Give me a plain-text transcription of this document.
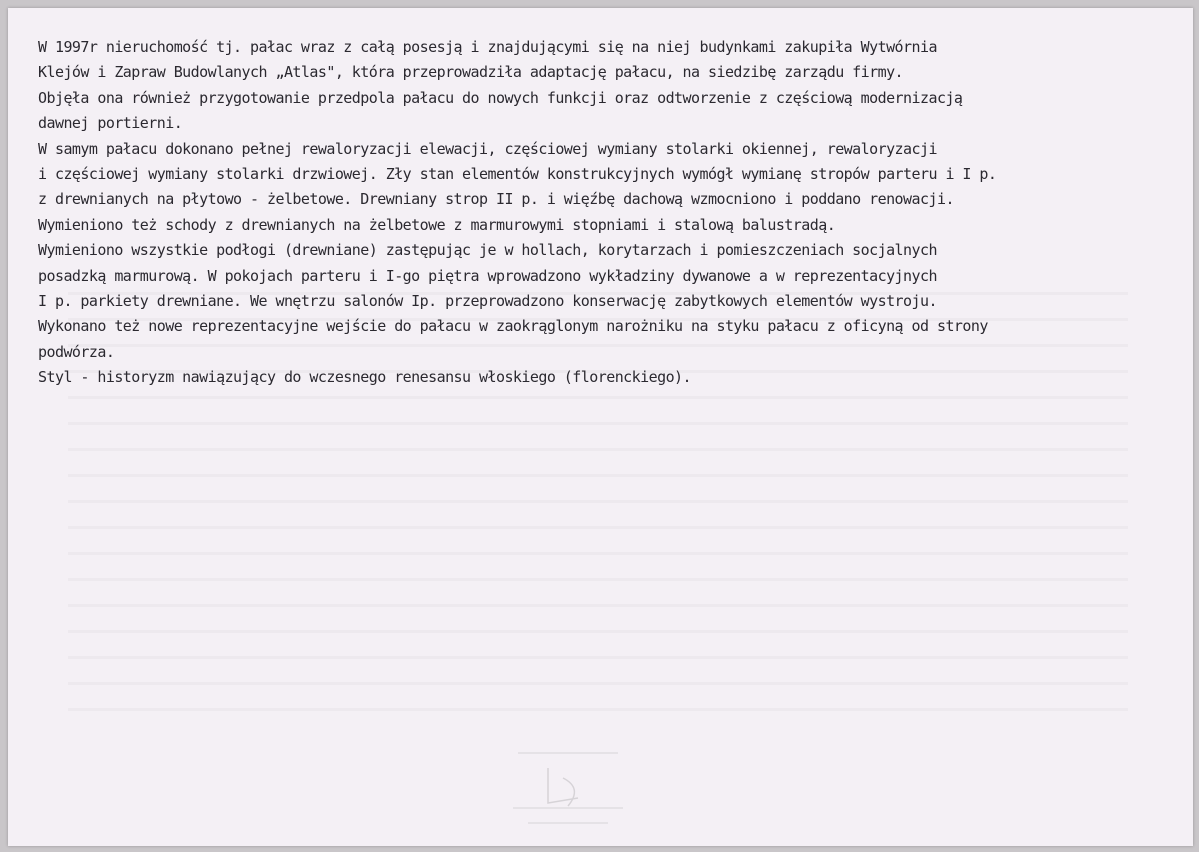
W 1997r nieruchomość tj. pałac wraz z całą posesją i znajdującymi się na niej budynkami zakupiła Wytwórnia
Klejów i Zapraw Budowlanych „Atlas", która przeprowadziła adaptację pałacu, na siedzibę zarządu firmy.
Objęła ona również przygotowanie przedpola pałacu do nowych funkcji oraz odtworzenie z częściową modernizacją
dawnej portierni.
W samym pałacu dokonano pełnej rewaloryzacji elewacji, częściowej wymiany stolarki okiennej, rewaloryzacji
i częściowej wymiany stolarki drzwiowej. Zły stan elementów konstrukcyjnych wymógł wymianę stropów parteru i I p.
z drewnianych na płytowo - żelbetowe. Drewniany strop II p. i więźbę dachową wzmocniono i poddano renowacji.
Wymieniono też schody z drewnianych na żelbetowe z marmurowymi stopniami i stalową balustradą.
Wymieniono wszystkie podłogi (drewniane) zastępując je w hollach, korytarzach i pomieszczeniach socjalnych
posadzką marmurową. W pokojach parteru i I-go piętra wprowadzono wykładziny dywanowe a w reprezentacyjnych
I p. parkiety drewniane. We wnętrzu salonów Ip. przeprowadzono konserwację zabytkowych elementów wystroju.
Wykonano też nowe reprezentacyjne wejście do pałacu w zaokrąglonym narożniku na styku pałacu z oficyną od strony
podwórza.
Styl - historyzm nawiązujący do wczesnego renesansu włoskiego (florenckiego).
